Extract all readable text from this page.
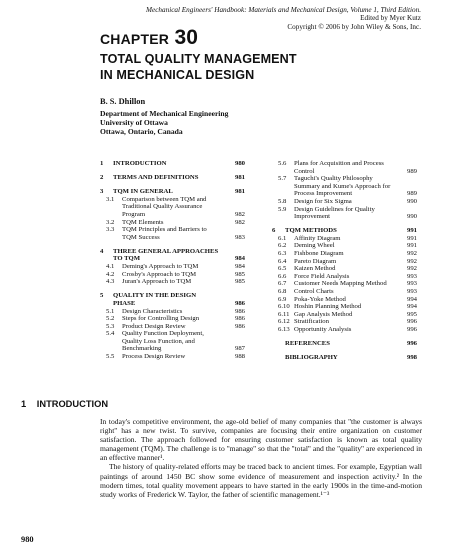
Mechanical Engineers' Handbook: Materials and Mechanical Design, Volume 1, Third Edition.
Edited by Myer Kutz
Copyright © 2006 by John Wiley & Sons, Inc.
CHAPTER 30
TOTAL QUALITY MANAGEMENT
IN MECHANICAL DESIGN
B. S. Dhillon
Department of Mechanical Engineering
University of Ottawa
Ottawa, Ontario, Canada
1	INTRODUCTION	980
2	TERMS AND DEFINITIONS	981
3	TQM IN GENERAL	981
3.1	Comparison between TQM and Traditional Quality Assurance Program	982
3.2	TQM Elements	982
3.3	TQM Principles and Barriers to TQM Success	983
4	THREE GENERAL APPROACHES TO TQM	984
4.1	Deming's Approach to TQM	984
4.2	Crosby's Approach to TQM	985
4.3	Juran's Approach to TQM	985
5	QUALITY IN THE DESIGN PHASE	986
5.1	Design Characteristics	986
5.2	Steps for Controlling Design	986
5.3	Product Design Review	986
5.4	Quality Function Deployment, Quality Loss Function, and Benchmarking	987
5.5	Process Design Review	988
5.6	Plans for Acquisition and Process Control	989
5.7	Taguchi's Quality Philosophy Summary and Kume's Approach for Process Improvement	989
5.8	Design for Six Sigma	990
5.9	Design Guidelines for Quality Improvement	990
6	TQM METHODS	991
6.1	Affinity Diagram	991
6.2	Deming Wheel	991
6.3	Fishbone Diagram	992
6.4	Pareto Diagram	992
6.5	Kaizen Method	992
6.6	Force Field Analysis	993
6.7	Customer Needs Mapping Method	993
6.8	Control Charts	993
6.9	Poka-Yoke Method	994
6.10 Hoshin Planning Method	994
6.11 Gap Analysis Method	995
6.12 Stratification	996
6.13 Opportunity Analysis	996
REFERENCES	996
BIBLIOGRAPHY	998
1 INTRODUCTION

In today's competitive environment, the age-old belief of many companies that ''the customer is always right'' has a new twist. To survive, companies are focusing their entire organization on customer satisfaction. The approach followed for ensuring customer satisfaction is known as total quality management (TQM). The challenge is to ''manage'' so that the ''total'' and the ''quality'' are experienced in an effective manner¹.

The history of quality-related efforts may be traced back to ancient times. For example, Egyptian wall paintings of around 1450 BC show some evidence of measurement and inspection activity.² In the modern times, total quality movement appears to have started in the early 1900s in the time-and-motion study works of Frederick W. Taylor, the father of scientific management.¹⁻³

980
